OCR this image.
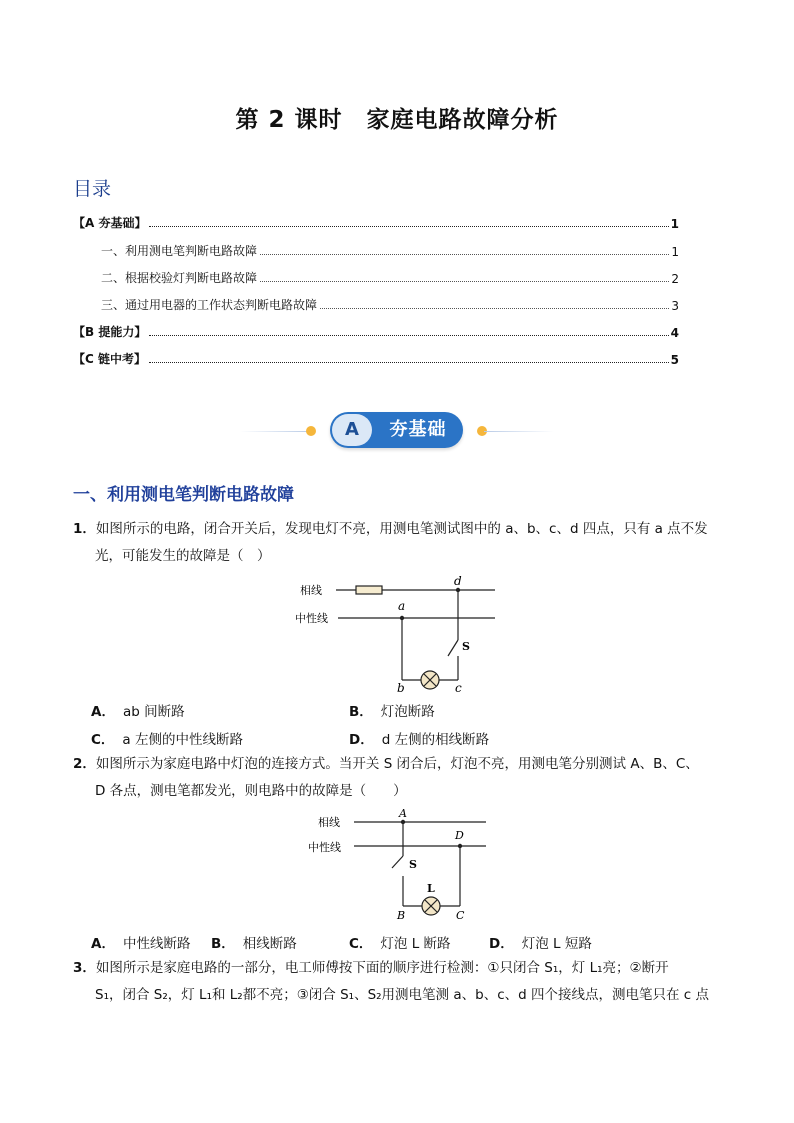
第 2 课时　家庭电路故障分析
目录
【A 夯基础】	1
一、利用测电笔判断电路故障	1
二、根据校验灯判断电路故障	2
三、通过用电器的工作状态判断电路故障	3
【B 提能力】	4
【C 链中考】	5
A	夯基础
一、利用测电笔判断电路故障
1．如图所示的电路，闭合开关后，发现电灯不亮，用测电笔测试图中的 a、b、c、d 四点，只有 a 点不发
光，可能发生的故障是（　）
相线
中性线
d
a
b	c
S
A． ab 间断路	B． 灯泡断路
C． a 左侧的中性线断路	D． d 左侧的相线断路
2．如图所示为家庭电路中灯泡的连接方式。当开关 S 闭合后，灯泡不亮，用测电笔分别测试 A、B、C、
D 各点，测电笔都发光，则电路中的故障是（　　）
相线
中性线
A
D
B	C
S
L
A． 中性线断路 B． 相线断路	C． 灯泡 L 断路	D． 灯泡 L 短路
3．如图所示是家庭电路的一部分，电工师傅按下面的顺序进行检测：①只闭合 S₁，灯 L₁亮；②断开
S₁，闭合 S₂，灯 L₁和 L₂都不亮；③闭合 S₁、S₂用测电笔测 a、b、c、d 四个接线点，测电笔只在 c 点
